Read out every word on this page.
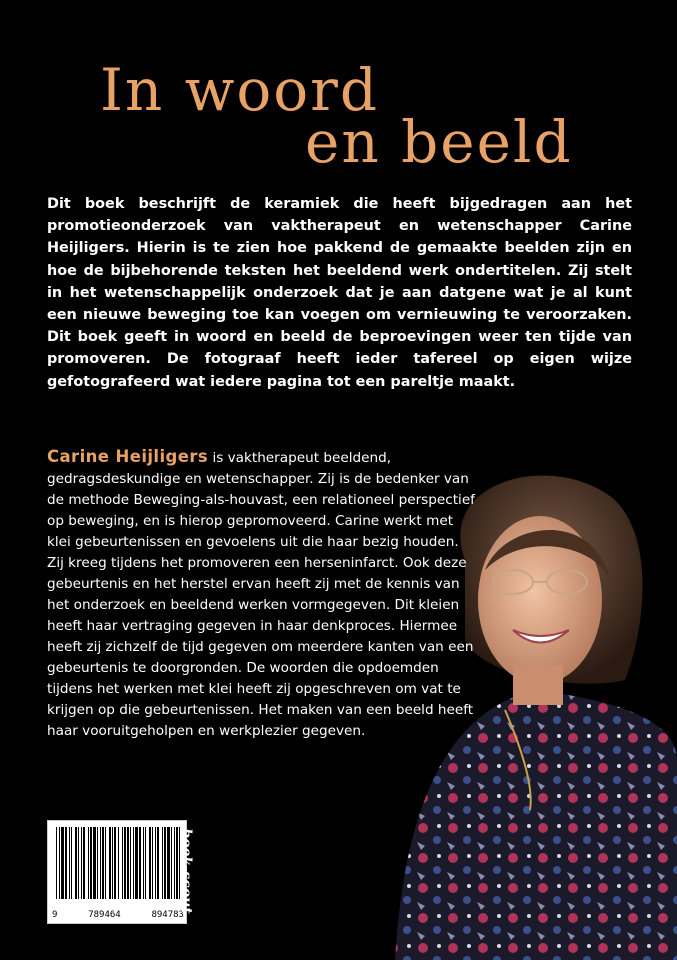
In woord
en beeld
Dit boek beschrijft de keramiek die heeft bijgedragen aan het promotieonderzoek van vaktherapeut en wetenschapper Carine Heijligers. Hierin is te zien hoe pakkend de gemaakte beelden zijn en hoe de bijbehorende teksten het beeldend werk ondertitelen. Zij stelt in het wetenschappelijk onderzoek dat je aan datgene wat je al kunt een nieuwe beweging toe kan voegen om vernieuwing te veroorzaken. Dit boek geeft in woord en beeld de beproevingen weer ten tijde van promoveren. De fotograaf heeft ieder tafereel op eigen wijze gefotografeerd wat iedere pagina tot een pareltje maakt.
Carine Heijligers is vaktherapeut beeldend, gedragsdeskundige en wetenschapper. Zij is de bedenker van de methode Beweging-als-houvast, een relationeel perspectief op beweging, en is hierop gepromoveerd. Carine werkt met klei gebeurtenissen en gevoelens uit die haar bezig houden. Zij kreeg tijdens het promoveren een herseninfarct. Ook deze gebeurtenis en het herstel ervan heeft zij met de kennis van het onderzoek en beeldend werken vormgegeven. Dit kleien heeft haar vertraging gegeven in haar denkproces. Hiermee heeft zij zichzelf de tijd gegeven om meerdere kanten van een gebeurtenis te doorgronden. De woorden die opdoemden tijdens het werken met klei heeft zij opgeschreven om vat te krijgen op die gebeurtenissen. Het maken van een beeld heeft haar vooruitgeholpen en werkplezier gegeven.
9	789464	894783
boek-scout
